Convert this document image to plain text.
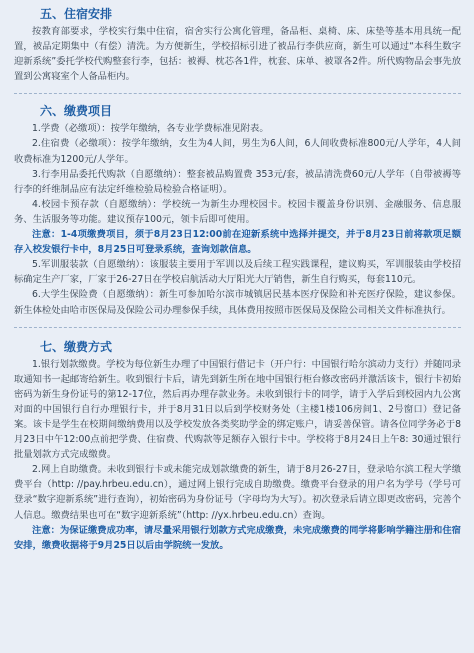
五、住宿安排

按教育部要求，学校实行集中住宿，宿舍实行公寓化管理，备品柜、桌椅、床、床垫等基本用具统一配置，被品定期集中（有偿）清洗。为方便新生，学校招标引进了被品行李供应商，新生可以通过“本科生数字迎新系统”委托学校代购整套行李，包括：被褥、枕芯各1件，枕套、床单、被罩各2件。所代购物品会事先放置到公寓寝室个人备品柜内。

六、缴费项目

1.学费（必缴项）：按学年缴纳，各专业学费标准见附表。

2.住宿费（必缴项）：按学年缴纳，女生为4人间，男生为6人间，6人间收费标准800元/人学年，4人间收费标准为1200元/人学年。

3.行李用品委托代购款（自愿缴纳）：整套被品购置费 353元/套，被品清洗费60元/人学年（自带被褥等行李的纤维制品应有法定纤维检验局检验合格证明）。

4.校园卡预存款（自愿缴纳）：学校统一为新生办理校园卡。校园卡覆盖身份识别、金融服务、信息服务、生活服务等功能。建议预存100元，领卡后即可使用。

注意：1-4项缴费项目，须于8月23日12:00前在迎新系统中选择并提交，并于8月23日前将款项足额存入校发银行卡中，8月25日可登录系统，查询划款信息。

5.军训服装款（自愿缴纳）：该服装主要用于军训以及后续工程实践课程，建议购买，军训服装由学校招标确定生产厂家，厂家于26-27日在学校启航活动大厅阳光大厅销售，新生自行购买，每套110元。

6.大学生保险费（自愿缴纳）：新生可参加哈尔滨市城镇居民基本医疗保险和补充医疗保险，建议参保。新生体检处由哈市医保局及保险公司办理参保手续，具体费用按照市医保局及保险公司相关文件标准执行。

七、缴费方式

1.银行划款缴费。学校为每位新生办理了中国银行借记卡（开户行：中国银行哈尔滨动力支行）并随同录取通知书一起邮寄给新生。收到银行卡后，请先到新生所在地中国银行柜台修改密码并激活该卡，银行卡初始密码为新生身份证号的第12-17位，然后再办理存款业务。未收到银行卡的同学，请于入学后到校园内九公寓对面的中国银行自行办理银行卡，并于8月31日以后到学校财务处（主楼1楼106房间1、2号窗口）登记备案。该卡是学生在校期间缴纳费用以及学校发放各类奖助学金的绑定账户，请妥善保管。请各位同学务必于8月23日中午12:00点前把学费、住宿费、代购款等足额存入银行卡中。学校将于8月24日上午8: 30通过银行批量划款方式完成缴费。

2.网上自助缴费。未收到银行卡或未能完成划款缴费的新生，请于8月26-27日，登录哈尔滨工程大学缴费平台（http: //pay.hrbeu.edu.cn），通过网上银行完成自助缴费。缴费平台登录的用户名为学号（学号可登录“数字迎新系统”进行查询），初始密码为身份证号（字母均为大写）。初次登录后请立即更改密码，完善个人信息。缴费结果也可在“数字迎新系统”（http: //yx.hrbeu.edu.cn）查询。

注意：为保证缴费成功率，请尽量采用银行划款方式完成缴费，未完成缴费的同学将影响学籍注册和住宿安排，缴费收据将于9月25日以后由学院统一发放。
